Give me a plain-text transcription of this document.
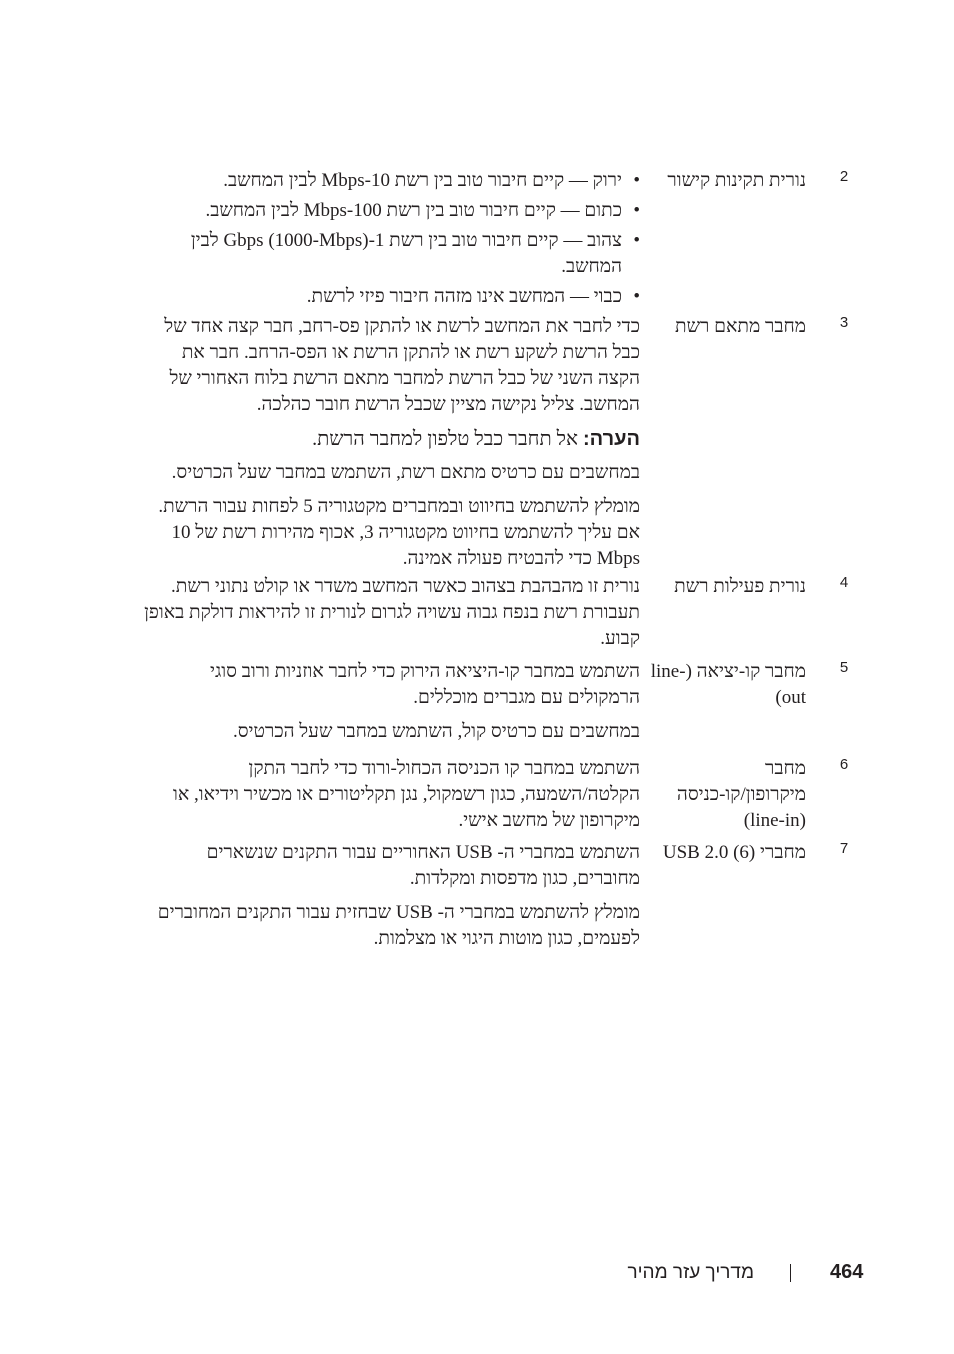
2
נורית תקינות קישור
•
ירוק — קיים חיבור טוב בין רשת 10-Mbps לבין המחשב.
•
כתום — קיים חיבור טוב בין רשת 100-Mbps לבין המחשב.
•
צהוב — קיים חיבור טוב בין רשת 1-Gbps (1000-Mbps) לבין המחשב.
•
כבוי — המחשב אינו מזהה חיבור פיזי לרשת.
3
מחבר מתאם רשת

כדי לחבר את המחשב לרשת או להתקן פס-רחב, חבר קצה אחד של כבל הרשת לשקע רשת או להתקן הרשת או הפס-הרחב. חבר את הקצה השני של כבל הרשת למחבר מתאם הרשת בלוח האחורי של המחשב. צליל נקישה מציין שכבל הרשת חובר כהלכה.

הערה: אל תחבר כבל טלפון למחבר הרשת.

במחשבים עם כרטיס מתאם רשת, השתמש במחבר שעל הכרטיס.

מומלץ להשתמש בחיווט ובמחברים מקטגוריה 5 לפחות עבור הרשת. אם עליך להשתמש בחיווט מקטגוריה 3, אכוף מהירות רשת של 10 Mbps כדי להבטיח פעולה אמינה.

4
נורית פעילות רשת

נורית זו מהבהבת בצהוב כאשר המחשב משדר או קולט נתוני רשת. תעבורת רשת בנפח גבוה עשויה לגרום לנורית זו להיראות דולקת באופן קבוע.

5
מחבר קו-יציאה (line-out)

השתמש במחבר קו-היציאה הירוק כדי לחבר אוזניות ורוב סוגי הרמקולים עם מגברים מוכללים.

במחשבים עם כרטיס קול, השתמש במחבר שעל הכרטיס.

6
מחבר מיקרופון/קו-כניסה (line-in)

השתמש במחבר קו הכניסה הכחול-ורוד כדי לחבר התקן הקלטה/השמעה, כגון רשמקול, נגן תקליטורים או מכשיר וידיאו, או מיקרופון של מחשב אישי.

7
מחברי USB 2.0 (6)

השתמש במחברי ה- USB האחוריים עבור התקנים שנשארים מחוברים, כגון מדפסות ומקלדות.

מומלץ להשתמש במחברי ה- USB שבחזית עבור התקנים המחוברים לפעמים, כגון מוטות היגוי או מצלמות.

מדריך עזר מהיר	464
